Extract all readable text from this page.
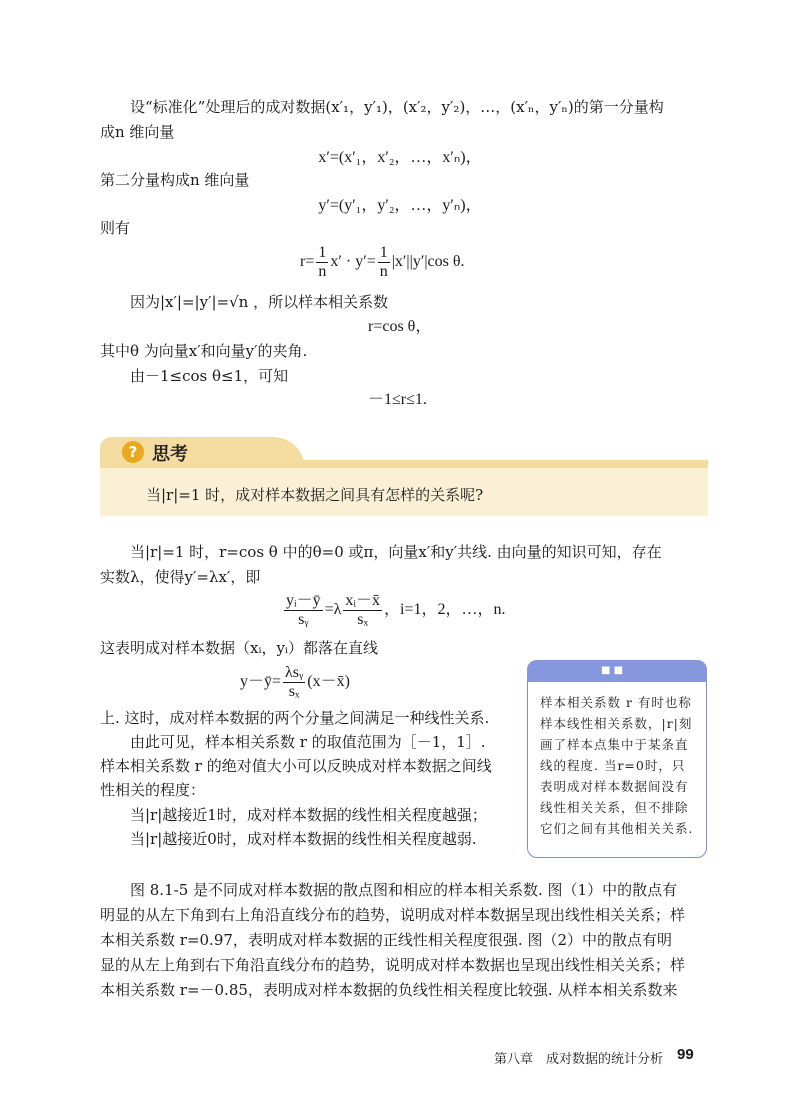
设“标准化”处理后的成对数据(x′₁，y′₁)，(x′₂，y′₂)，…，(x′ₙ，y′ₙ)的第一分量构
成n 维向量
x′=(x′₁，x′₂，…，x′ₙ)，
第二分量构成n 维向量
y′=(y′₁，y′₂，…，y′ₙ)，
则有
$r= \frac{1}{n} x' \cdot y'= \frac{1}{n} |x'||y'|\cos$ θ.
因为|x′|=|y′|=√n ，所以样本相关系数
r=cos θ，
其中θ 为向量x′和向量y′的夹角.
由－1≤cos θ≤1，可知
－1≤r≤1.
? 思考
当|r|=1 时，成对样本数据之间具有怎样的关系呢?
当|r|=1 时，r=cos θ 中的θ=0 或π，向量x′和y′共线. 由向量的知识可知，存在
实数λ，使得y′=λx′，即
$\frac{\text{yᵢ－ȳ}}{\text{sᵧ}} =\lambda \frac{\text{xᵢ－x̄}}{\text{sₓ}}$ ，i=1，2，…，n.
这表明成对样本数据（xᵢ，yᵢ）都落在直线
y－ȳ= $\frac{\text{λsᵧ}}{\text{sₓ}}$ (x－x̄)
上. 这时，成对样本数据的两个分量之间满足一种线性关系.
由此可见，样本相关系数 r 的取值范围为［－1，1］.
样本相关系数 r 的绝对值大小可以反映成对样本数据之间线
性相关的程度：
当|r|越接近1时，成对样本数据的线性相关程度越强；
当|r|越接近0时，成对样本数据的线性相关程度越弱.
■ ■
样本相关系数 r 有时也称样本线性相关系数，|r|刻画了样本点集中于某条直线的程度. 当r=0时，只表明成对样本数据间没有线性相关关系，但不排除它们之间有其他相关关系.
图 8.1-5 是不同成对样本数据的散点图和相应的样本相关系数. 图（1）中的散点有
明显的从左下角到右上角沿直线分布的趋势，说明成对样本数据呈现出线性相关关系；样
本相关系数 r=0.97，表明成对样本数据的正线性相关程度很强. 图（2）中的散点有明
显的从左上角到右下角沿直线分布的趋势，说明成对样本数据也呈现出线性相关关系；样
本相关系数 r=－0.85，表明成对样本数据的负线性相关程度比较强. 从样本相关系数来
第八章　成对数据的统计分析 99
